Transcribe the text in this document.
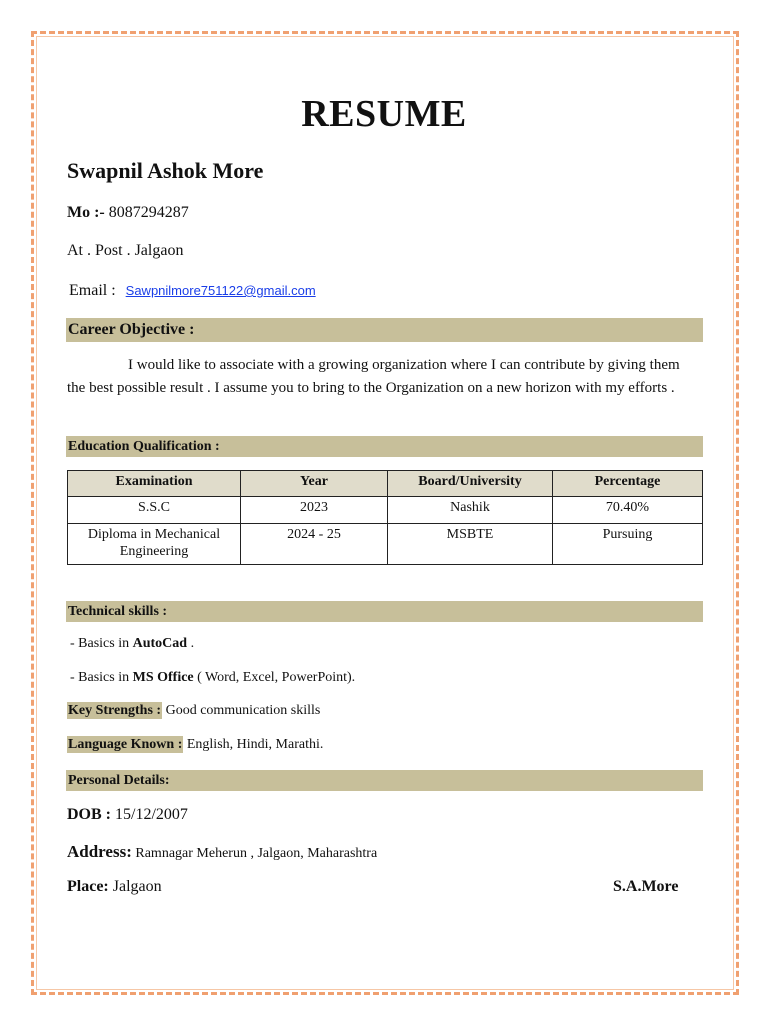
RESUME
Swapnil Ashok More
Mo :- 8087294287
At . Post . Jalgaon
Email : Sawpnilmore751122@gmail.com
Career Objective :
I would like to associate with a growing organization where I can contribute by giving them the best possible result . I assume you to bring to the Organization on a new horizon with my efforts .
Education Qualification :
Examination	Year	Board/University	Percentage
S.S.C	2023	Nashik	70.40%
Diploma in Mechanical Engineering	2024 - 25	MSBTE	Pursuing
Technical skills :
- Basics in AutoCad .
- Basics in MS Office ( Word, Excel, PowerPoint).
Key Strengths : Good communication skills
Language Known : English, Hindi, Marathi.
Personal Details:
DOB : 15/12/2007
Address: Ramnagar Meherun , Jalgaon, Maharashtra
Place: Jalgaon	S.A.More
